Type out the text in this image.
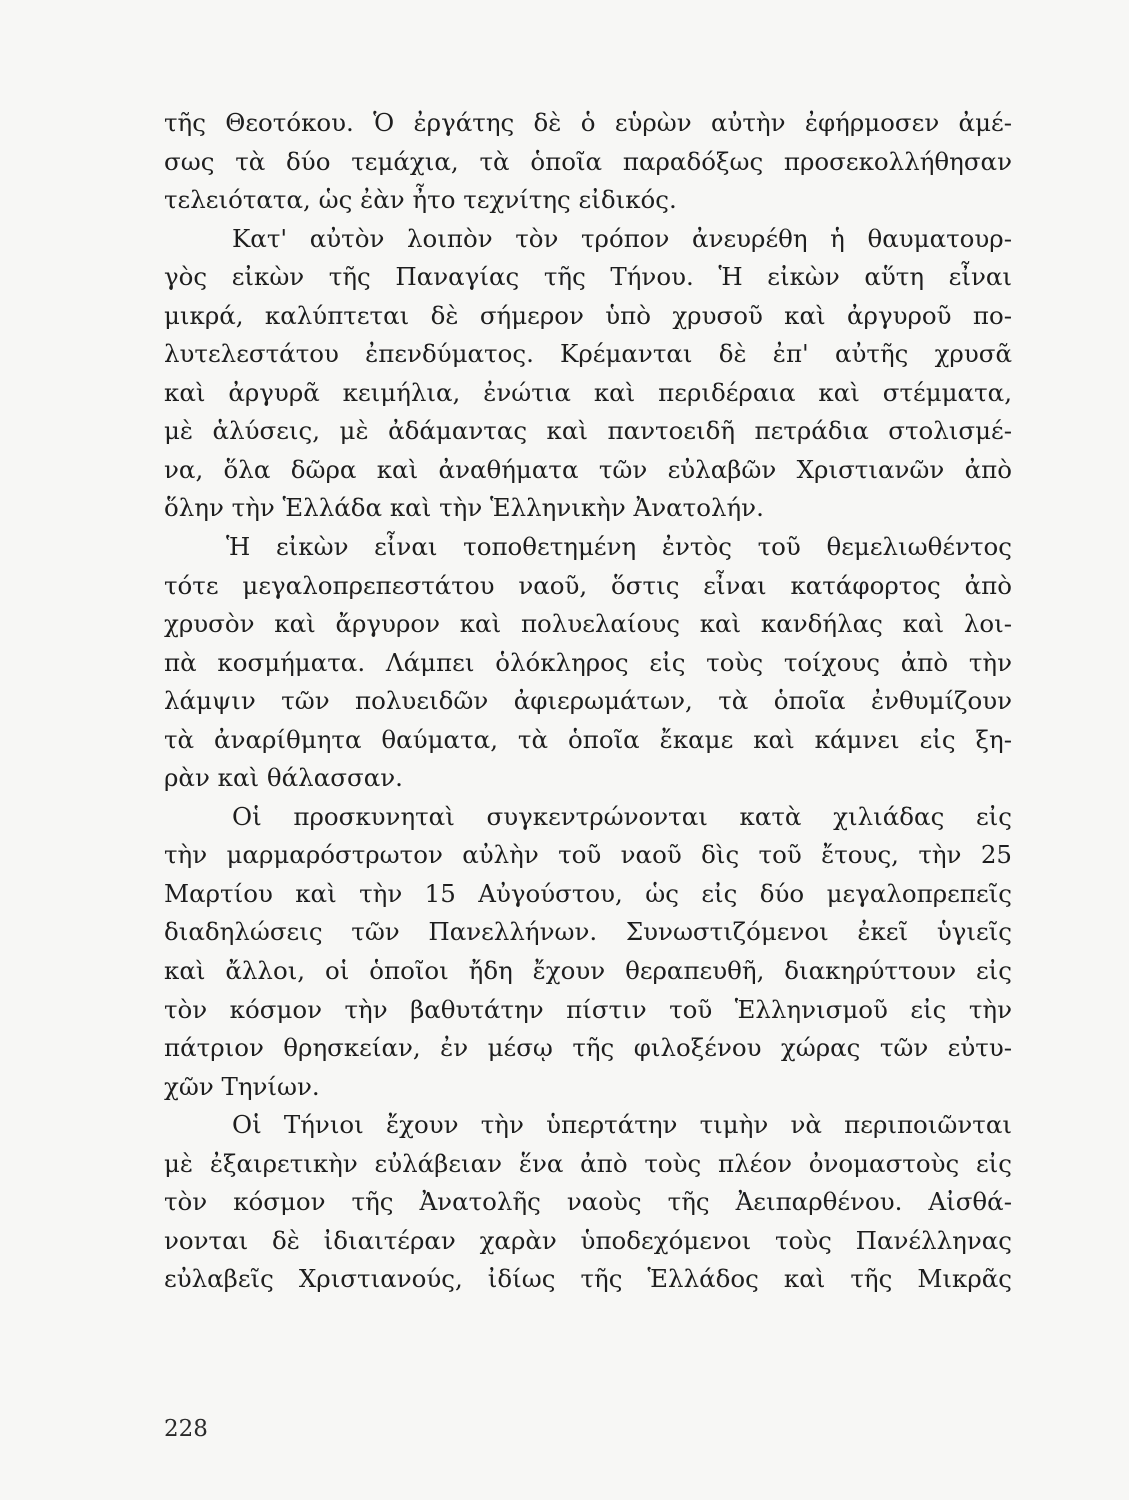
τῆς Θεοτόκου. Ὁ ἐργάτης δὲ ὁ εὑρὼν αὐτὴν ἐφήρμοσεν ἀμέ-
σως τὰ δύο τεμάχια, τὰ ὁποῖα παραδόξως προσεκολλήθησαν
τελειότατα, ὡς ἐὰν ἦτο τεχνίτης εἰδικός.
Κατ' αὐτὸν λοιπὸν τὸν τρόπον ἀνευρέθη ἡ θαυματουρ-
γὸς εἰκὼν τῆς Παναγίας τῆς Τήνου. Ἡ εἰκὼν αὕτη εἶναι
μικρά, καλύπτεται δὲ σήμερον ὑπὸ χρυσοῦ καὶ ἀργυροῦ πο-
λυτελεστάτου ἐπενδύματος. Κρέμανται δὲ ἐπ' αὐτῆς χρυσᾶ
καὶ ἀργυρᾶ κειμήλια, ἐνώτια καὶ περιδέραια καὶ στέμματα,
μὲ ἁλύσεις, μὲ ἀδάμαντας καὶ παντοειδῆ πετράδια στολισμέ-
να, ὅλα δῶρα καὶ ἀναθήματα τῶν εὐλαβῶν Χριστιανῶν ἀπὸ
ὅλην τὴν Ἑλλάδα καὶ τὴν Ἑλληνικὴν Ἀνατολήν.
Ἡ εἰκὼν εἶναι τοποθετημένη ἐντὸς τοῦ θεμελιωθέντος
τότε μεγαλοπρεπεστάτου ναοῦ, ὅστις εἶναι κατάφορτος ἀπὸ
χρυσὸν καὶ ἄργυρον καὶ πολυελαίους καὶ κανδήλας καὶ λοι-
πὰ κοσμήματα. Λάμπει ὁλόκληρος εἰς τοὺς τοίχους ἀπὸ τὴν
λάμψιν τῶν πολυειδῶν ἀφιερωμάτων, τὰ ὁποῖα ἐνθυμίζουν
τὰ ἀναρίθμητα θαύματα, τὰ ὁποῖα ἔκαμε καὶ κάμνει εἰς ξη-
ρὰν καὶ θάλασσαν.
Οἱ προσκυνηταὶ συγκεντρώνονται κατὰ χιλιάδας εἰς
τὴν μαρμαρόστρωτον αὐλὴν τοῦ ναοῦ δὶς τοῦ ἔτους, τὴν 25
Μαρτίου καὶ τὴν 15 Αὐγούστου, ὡς εἰς δύο μεγαλοπρεπεῖς
διαδηλώσεις τῶν Πανελλήνων. Συνωστιζόμενοι ἐκεῖ ὑγιεῖς
καὶ ἄλλοι, οἱ ὁποῖοι ἤδη ἔχουν θεραπευθῆ, διακηρύττουν εἰς
τὸν κόσμον τὴν βαθυτάτην πίστιν τοῦ Ἑλληνισμοῦ εἰς τὴν
πάτριον θρησκείαν, ἐν μέσῳ τῆς φιλοξένου χώρας τῶν εὐτυ-
χῶν Τηνίων.
Οἱ Τήνιοι ἔχουν τὴν ὑπερτάτην τιμὴν νὰ περιποιῶνται
μὲ ἐξαιρετικὴν εὐλάβειαν ἕνα ἀπὸ τοὺς πλέον ὀνομαστοὺς εἰς
τὸν κόσμον τῆς Ἀνατολῆς ναοὺς τῆς Ἀειπαρθένου. Αἰσθά-
νονται δὲ ἰδιαιτέραν χαρὰν ὑποδεχόμενοι τοὺς Πανέλληνας
εὐλαβεῖς Χριστιανούς, ἰδίως τῆς Ἑλλάδος καὶ τῆς Μικρᾶς
228
